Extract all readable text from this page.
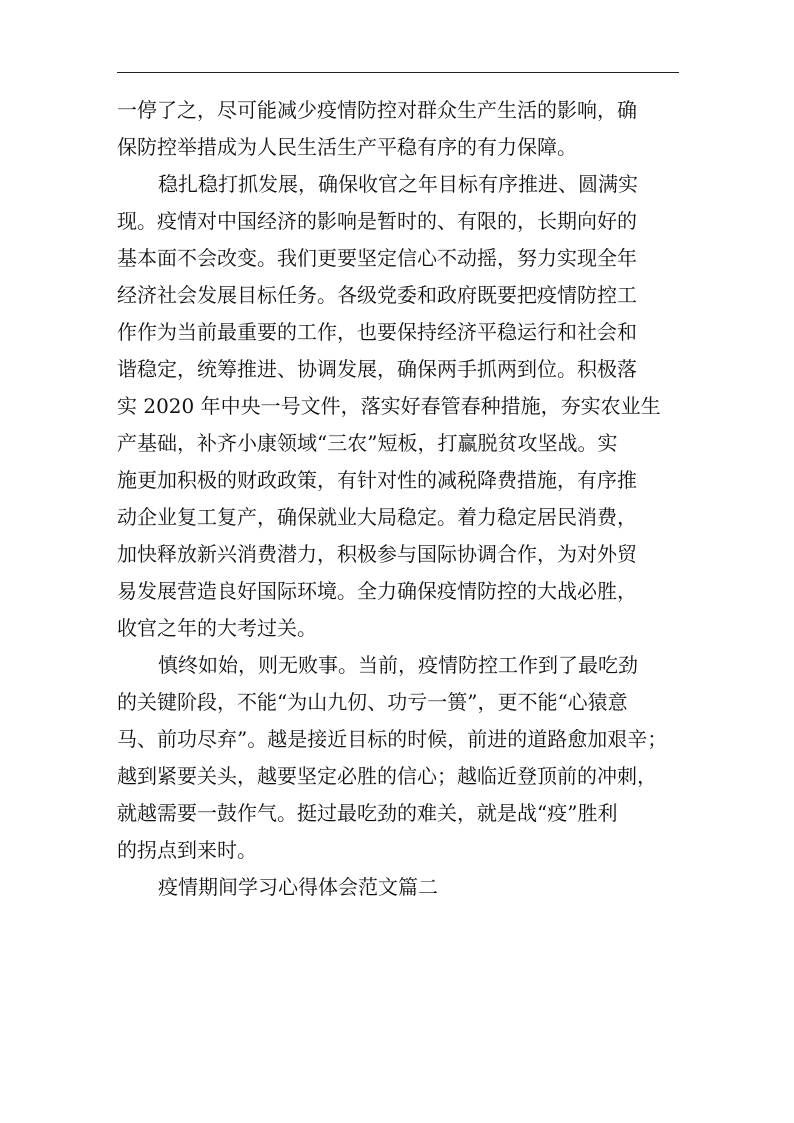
一停了之，尽可能减少疫情防控对群众生产生活的影响，确
保防控举措成为人民生活生产平稳有序的有力保障。
稳扎稳打抓发展，确保收官之年目标有序推进、圆满实
现。疫情对中国经济的影响是暂时的、有限的，长期向好的
基本面不会改变。我们更要坚定信心不动摇，努力实现全年
经济社会发展目标任务。各级党委和政府既要把疫情防控工
作作为当前最重要的工作，也要保持经济平稳运行和社会和
谐稳定，统筹推进、协调发展，确保两手抓两到位。积极落
实 2020 年中央一号文件，落实好春管春种措施，夯实农业生
产基础，补齐小康领域“三农”短板，打赢脱贫攻坚战。实
施更加积极的财政政策，有针对性的减税降费措施，有序推
动企业复工复产，确保就业大局稳定。着力稳定居民消费，
加快释放新兴消费潜力，积极参与国际协调合作，为对外贸
易发展营造良好国际环境。全力确保疫情防控的大战必胜，
收官之年的大考过关。
慎终如始，则无败事。当前，疫情防控工作到了最吃劲
的关键阶段，不能“为山九仞、功亏一篑”，更不能“心猿意
马、前功尽弃”。越是接近目标的时候，前进的道路愈加艰辛；
越到紧要关头，越要坚定必胜的信心；越临近登顶前的冲刺，
就越需要一鼓作气。挺过最吃劲的难关，就是战“疫”胜利
的拐点到来时。
疫情期间学习心得体会范文篇二
